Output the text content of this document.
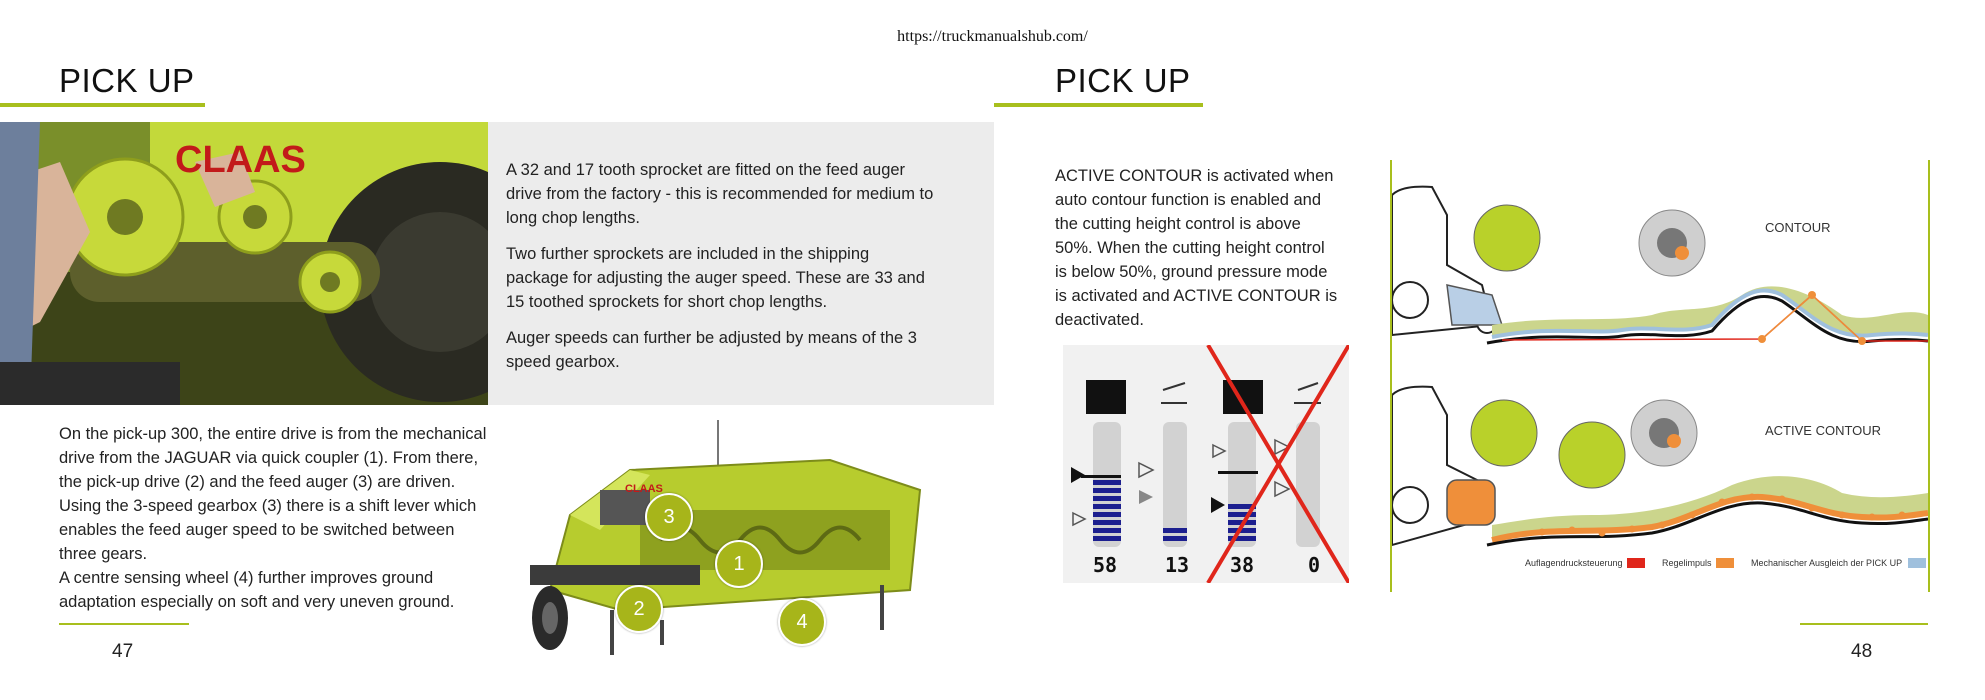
https://truckmanualshub.com/
PICK UP
CLAAS	A 32 and 17 tooth sprocket are fitted on the feed auger drive from the factory - this is recommended for medium to long chop lengths.

Two further sprockets are included in the shipping package for adjusting the auger speed. These are 33 and 15 toothed sprockets for short chop lengths.

Auger speeds can further be adjusted by means of the 3 speed gearbox.

On the pick-up 300, the entire drive is from the mechanical drive from the JAGUAR via quick coupler (1). From there, the pick-up drive (2) and the feed auger (3) are driven. Using the 3-speed gearbox (3) there is a shift lever which enables the feed auger speed to be switched between three gears.

A centre sensing wheel (4) further improves ground adaptation especially on soft and very uneven ground.

CLAAS
3
1
2
4
47
PICK UP

ACTIVE CONTOUR is activated when auto contour function is enabled and the cutting height control is above 50%. When the cutting height control is below 50%, ground pressure mode is activated and ACTIVE CONTOUR is deactivated.

58 13 38	0
CONTOUR
ACTIVE CONTOUR
Auflagendrucksteuerung	Regelimpuls	Mechanischer Ausgleich der PICK UP
48
